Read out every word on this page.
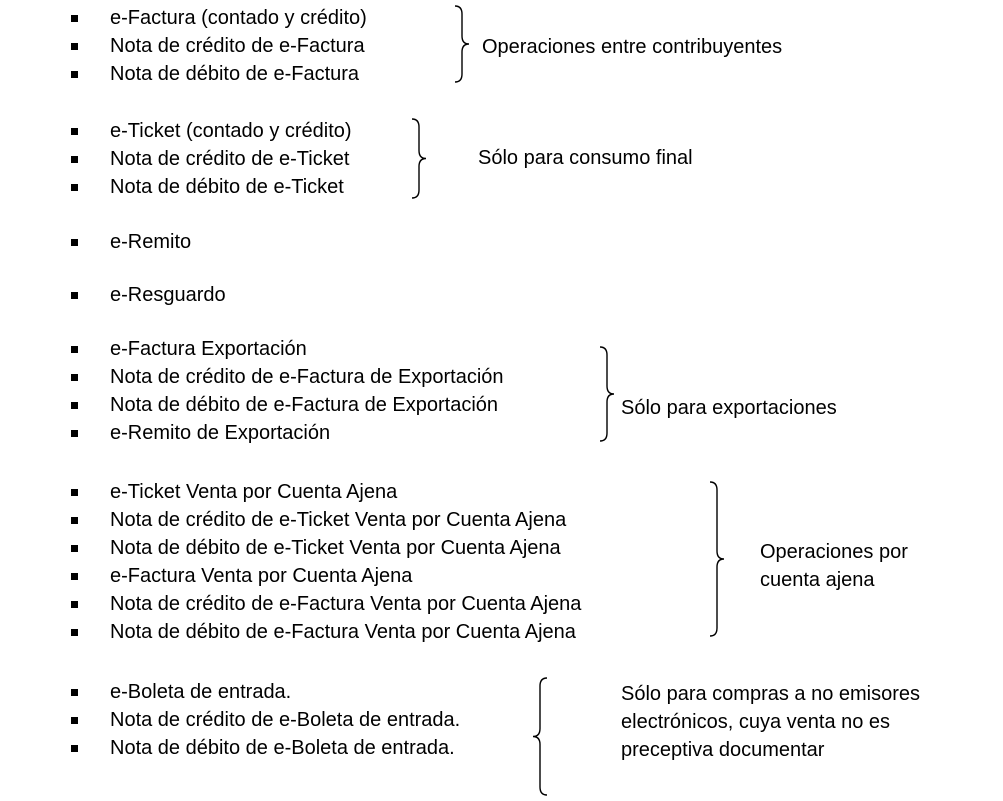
e-Factura (contado y crédito)
Nota de crédito de e-Factura
Nota de débito de e-Factura
Operaciones entre contribuyentes
e-Ticket (contado y crédito)
Nota de crédito de e-Ticket
Nota de débito de e-Ticket
Sólo para consumo final
e-Remito
e-Resguardo
e-Factura Exportación
Nota de crédito de e-Factura de Exportación
Nota de débito de e-Factura de Exportación
e-Remito de Exportación
Sólo para exportaciones
e-Ticket Venta por Cuenta Ajena
Nota de crédito de e-Ticket Venta por Cuenta Ajena
Nota de débito de e-Ticket Venta por Cuenta Ajena
e-Factura Venta por Cuenta Ajena
Nota de crédito de e-Factura Venta por Cuenta Ajena
Nota de débito de e-Factura Venta por Cuenta Ajena
Operaciones por
cuenta ajena
e-Boleta de entrada.
Nota de crédito de e-Boleta de entrada.
Nota de débito de e-Boleta de entrada.
Sólo para compras a no emisores
electrónicos, cuya venta no es
preceptiva documentar
